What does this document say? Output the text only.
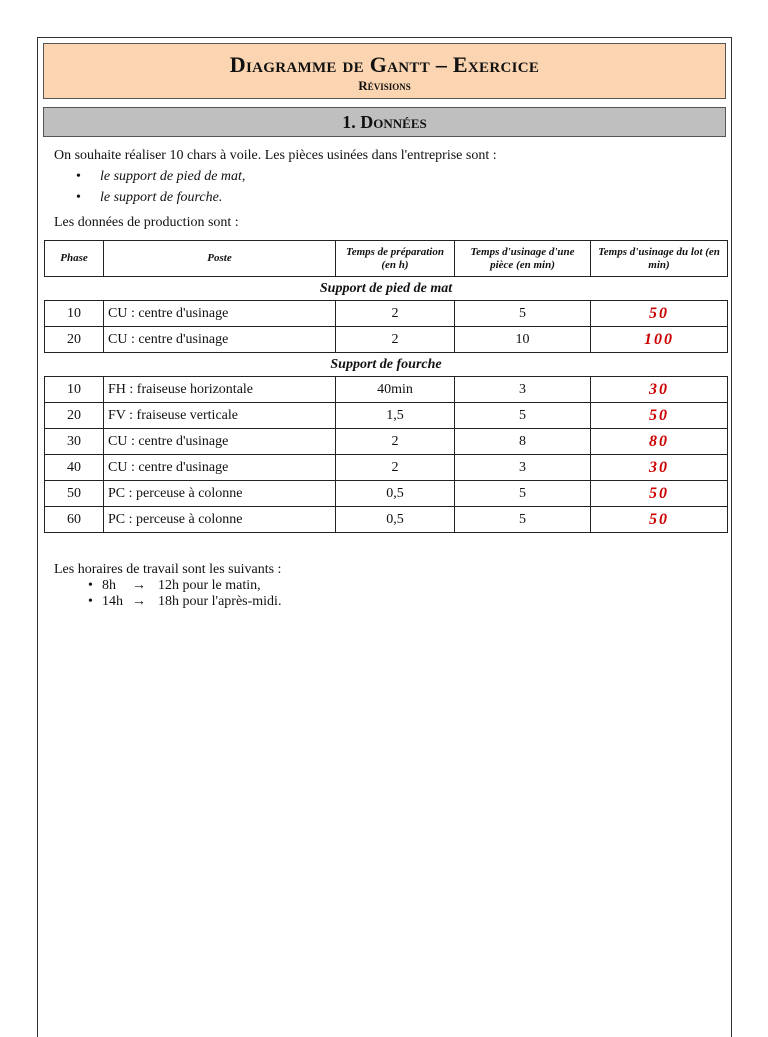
Diagramme de Gantt – Exercice
Révisions
1. Données
On souhaite réaliser 10 chars à voile. Les pièces usinées dans l'entreprise sont :
• le support de pied de mat,
• le support de fourche.
Les données de production sont :
Phase	Poste	Temps de préparation (en h)	Temps d'usinage d'une pièce (en min)	Temps d'usinage du lot (en min)
Support de pied de mat				
10	CU : centre d'usinage	2	5	50
20	CU : centre d'usinage	2	10	100
Support de fourche				
10	FH : fraiseuse horizontale	40min	3	30
20	FV : fraiseuse verticale	1,5	5	50
30	CU : centre d'usinage	2	8	80
40	CU : centre d'usinage	2	3	30
50	PC : perceuse à colonne	0,5	5	50
60	PC : perceuse à colonne	0,5	5	50
Les horaires de travail sont les suivants :
• 8h → 12h pour le matin,
• 14h → 18h pour l'après-midi.
